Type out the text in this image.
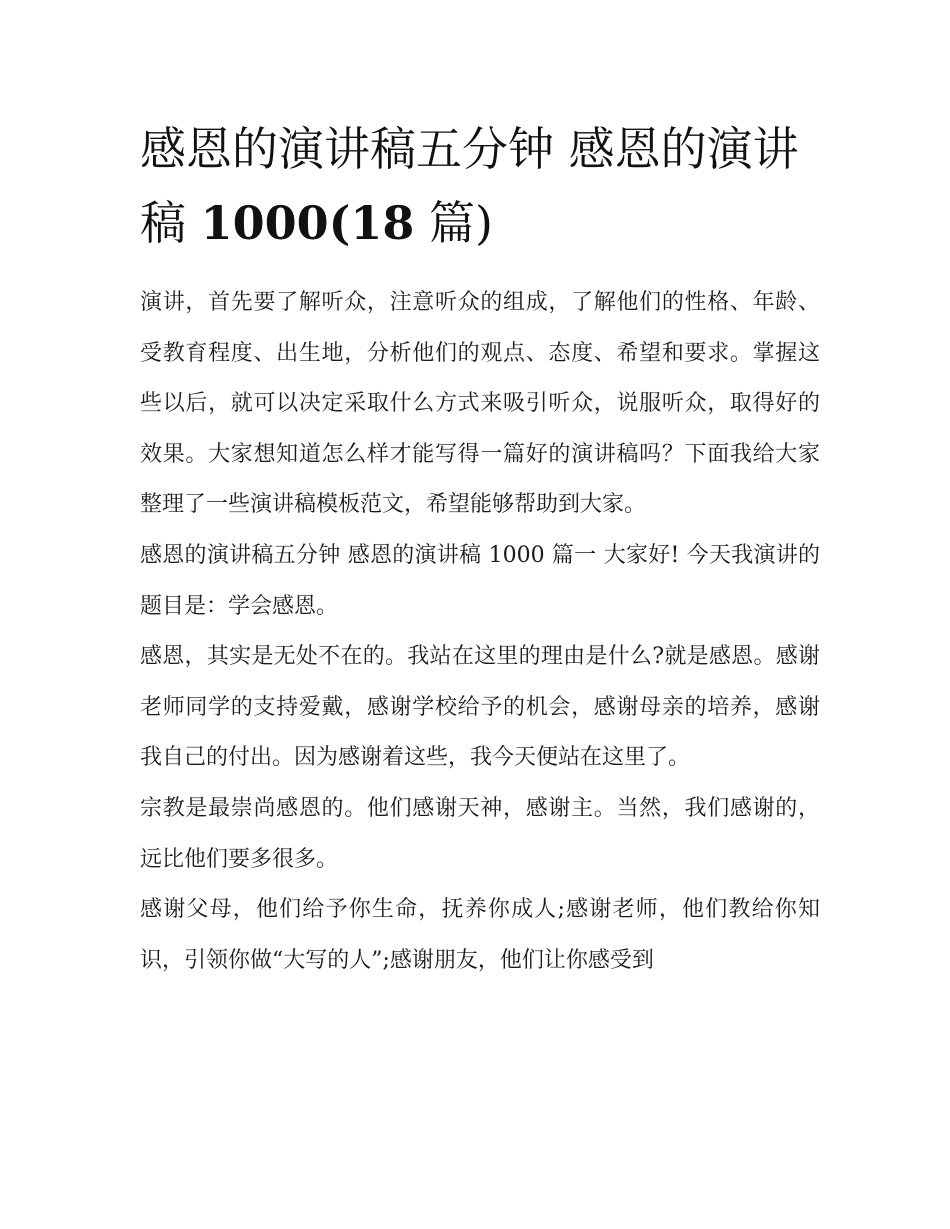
感恩的演讲稿五分钟 感恩的演讲稿 1000(18 篇)

演讲，首先要了解听众，注意听众的组成，了解他们的性格、年龄、受教育程度、出生地，分析他们的观点、态度、希望和要求。掌握这些以后，就可以决定采取什么方式来吸引听众，说服听众，取得好的效果。大家想知道怎么样才能写得一篇好的演讲稿吗？下面我给大家整理了一些演讲稿模板范文，希望能够帮助到大家。

感恩的演讲稿五分钟 感恩的演讲稿 1000 篇一 大家好! 今天我演讲的题目是：学会感恩。

感恩，其实是无处不在的。我站在这里的理由是什么?就是感恩。感谢老师同学的支持爱戴，感谢学校给予的机会，感谢母亲的培养，感谢我自己的付出。因为感谢着这些，我今天便站在这里了。

宗教是最崇尚感恩的。他们感谢天神，感谢主。当然，我们感谢的，远比他们要多很多。

感谢父母，他们给予你生命，抚养你成人;感谢老师，他们教给你知识，引领你做“大写的人”;感谢朋友，他们让你感受到
